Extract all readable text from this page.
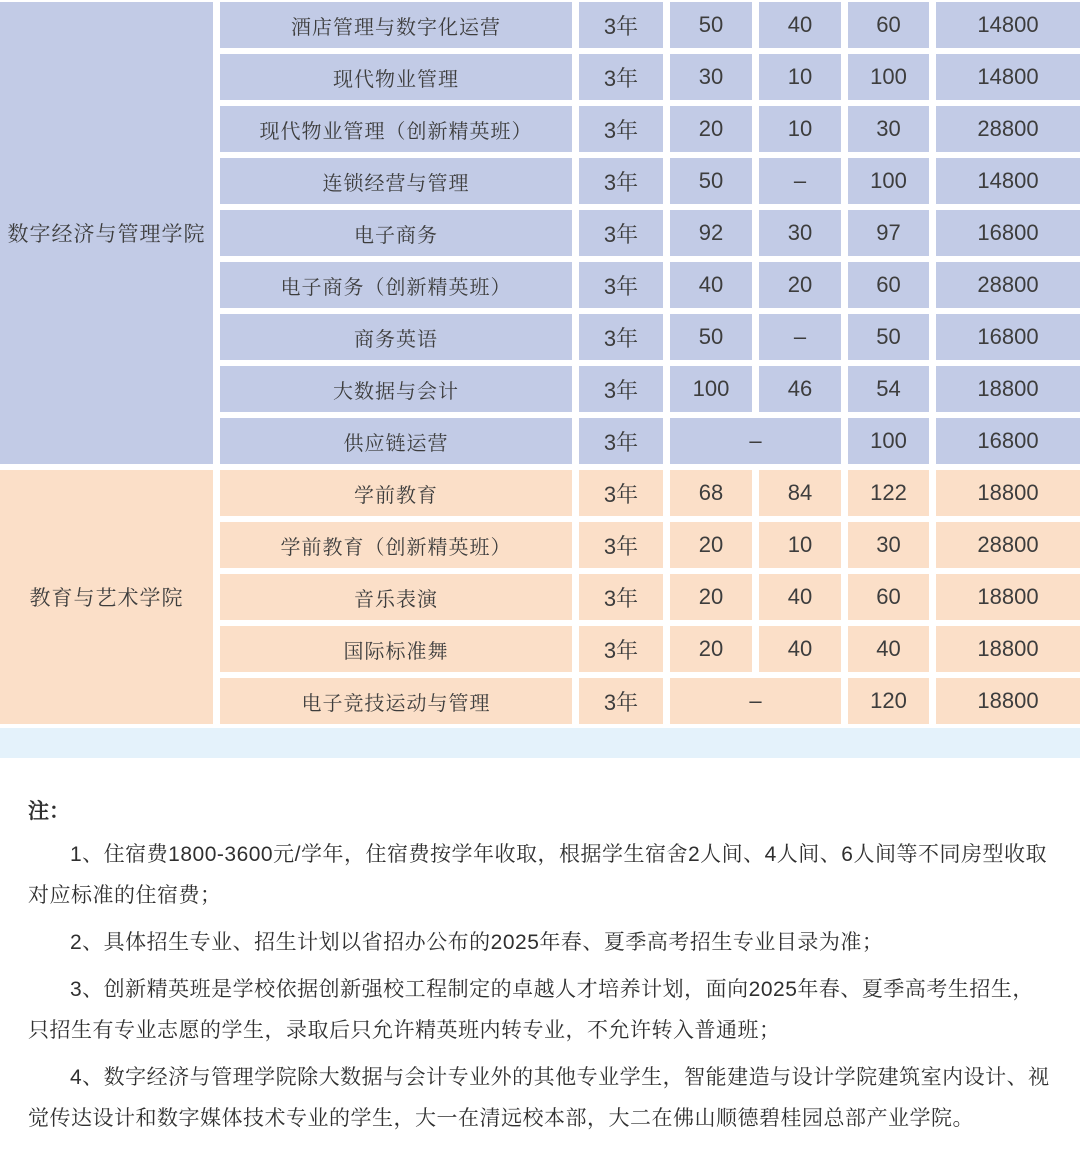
数字经济与管理学院	酒店管理与数字化运营	3年	50	40	60	14800
	现代物业管理	3年	30	10	100	14800
	现代物业管理（创新精英班）	3年	20	10	30	28800
	连锁经营与管理	3年	50	–	100	14800
	电子商务	3年	92	30	97	16800
	电子商务（创新精英班）	3年	40	20	60	28800
	商务英语	3年	50	–	50	16800
	大数据与会计	3年	100	46	54	18800
	供应链运营	3年	–		100	16800
教育与艺术学院	学前教育	3年	68	84	122	18800
	学前教育（创新精英班）	3年	20	10	30	28800
	音乐表演	3年	20	40	60	18800
	国际标准舞	3年	20	40	40	18800
	电子竞技运动与管理	3年	–		120	18800
注：

1、住宿费1800-3600元/学年，住宿费按学年收取，根据学生宿舍2人间、4人间、6人间等不同房型收取对应标准的住宿费；

2、具体招生专业、招生计划以省招办公布的2025年春、夏季高考招生专业目录为准；

3、创新精英班是学校依据创新强校工程制定的卓越人才培养计划，面向2025年春、夏季高考生招生，只招生有专业志愿的学生，录取后只允许精英班内转专业，不允许转入普通班；

4、数字经济与管理学院除大数据与会计专业外的其他专业学生，智能建造与设计学院建筑室内设计、视觉传达设计和数字媒体技术专业的学生，大一在清远校本部，大二在佛山顺德碧桂园总部产业学院。
